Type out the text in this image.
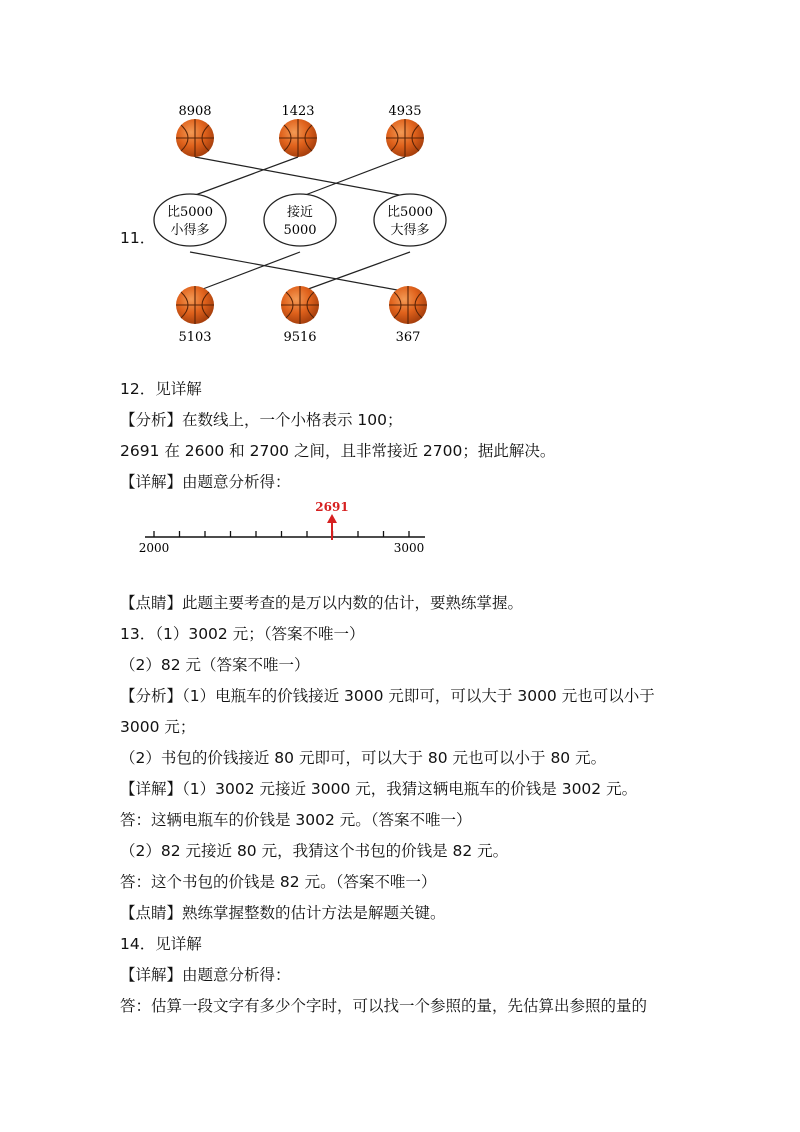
11．
8908	1423	4935
5103	9516	367
比5000
小得多
接近
5000
比5000
大得多
12．见详解
【分析】在数线上，一个小格表示 100；
2691 在 2600 和 2700 之间，且非常接近 2700；据此解决。
【详解】由题意分析得：
2691
2000	3000
【点睛】此题主要考查的是万以内数的估计，要熟练掌握。
13．（1）3002 元；（答案不唯一）
（2）82 元（答案不唯一）
【分析】（1）电瓶车的价钱接近 3000 元即可，可以大于 3000 元也可以小于
3000 元；
（2）书包的价钱接近 80 元即可，可以大于 80 元也可以小于 80 元。
【详解】（1）3002 元接近 3000 元，我猜这辆电瓶车的价钱是 3002 元。
答：这辆电瓶车的价钱是 3002 元。（答案不唯一）
（2）82 元接近 80 元，我猜这个书包的价钱是 82 元。
答：这个书包的价钱是 82 元。（答案不唯一）
【点睛】熟练掌握整数的估计方法是解题关键。
14．见详解
【详解】由题意分析得：
答：估算一段文字有多少个字时，可以找一个参照的量，先估算出参照的量的
